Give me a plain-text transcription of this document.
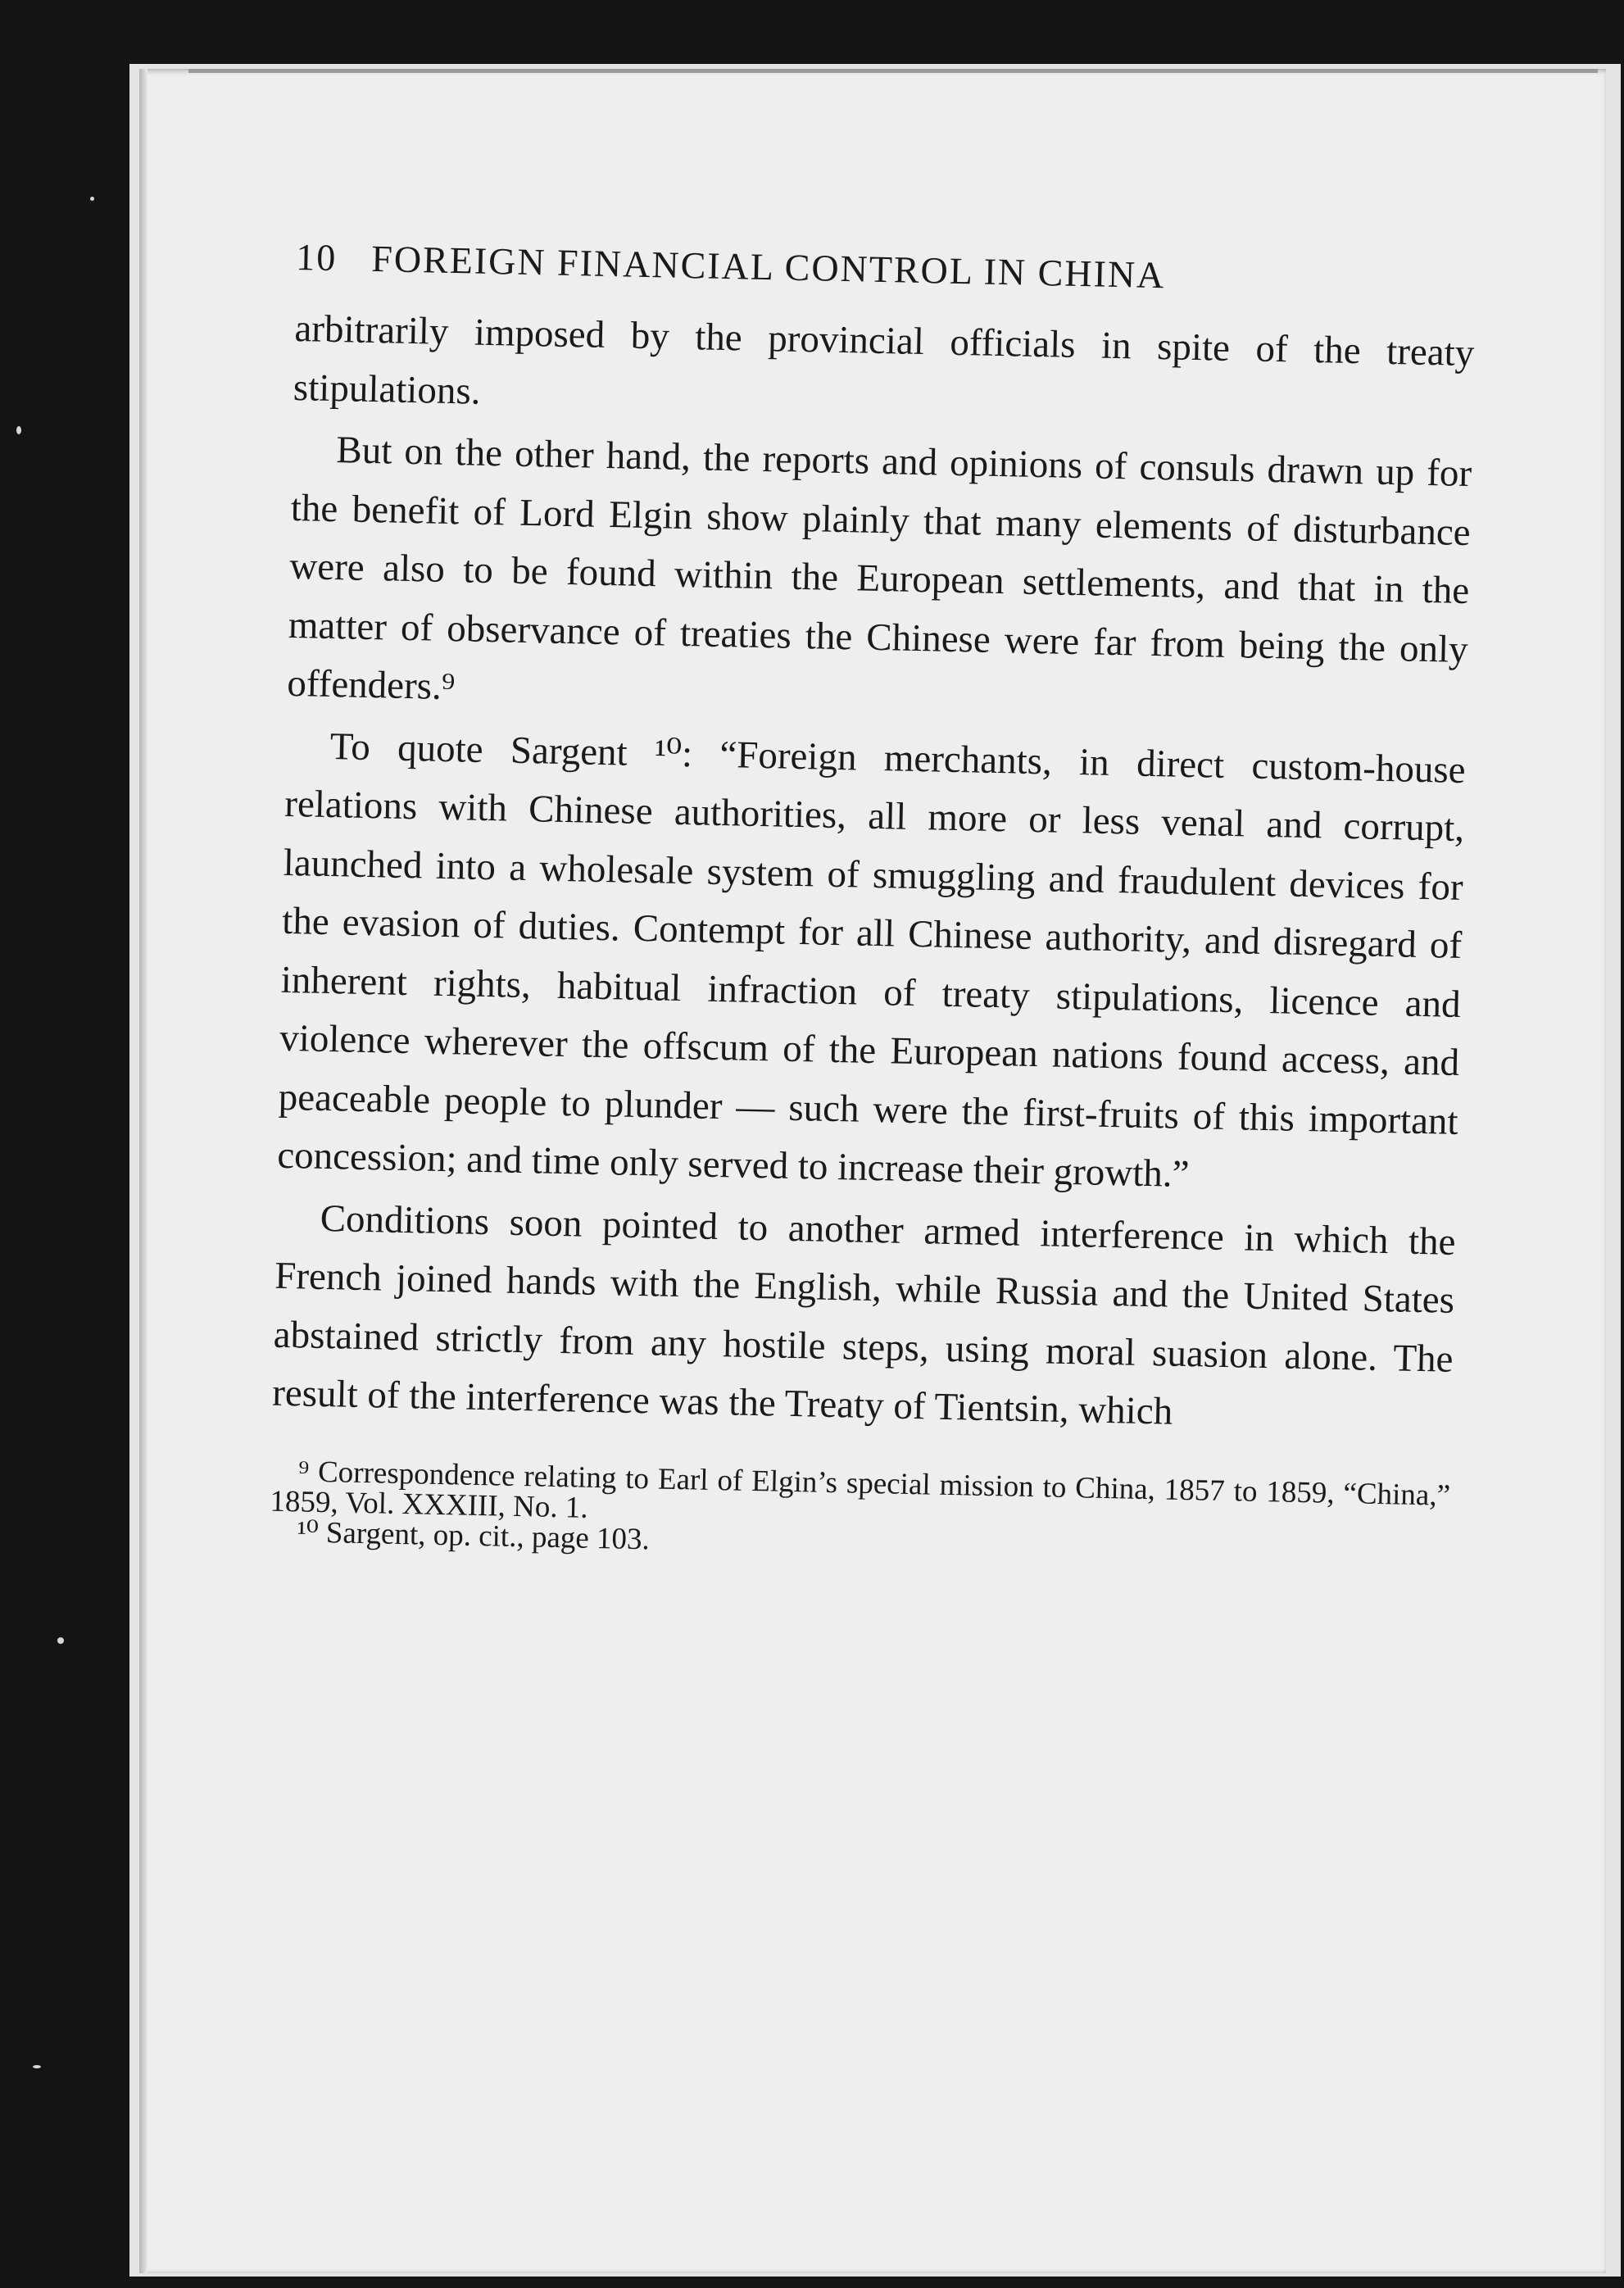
10 FOREIGN FINANCIAL CONTROL IN CHINA

arbitrarily imposed by the provincial officials in spite of the treaty stipulations.

But on the other hand, the reports and opinions of consuls drawn up for the benefit of Lord Elgin show plainly that many elements of disturbance were also to be found within the European settlements, and that in the matter of observance of treaties the Chinese were far from being the only offenders.⁹

To quote Sargent ¹⁰: “Foreign merchants, in direct custom-house relations with Chinese authorities, all more or less venal and corrupt, launched into a wholesale system of smuggling and fraudulent devices for the evasion of duties. Contempt for all Chinese authority, and disregard of inherent rights, habitual infraction of treaty stipulations, licence and violence wherever the offscum of the European nations found access, and peaceable people to plunder — such were the first-fruits of this important concession; and time only served to increase their growth.”

Conditions soon pointed to another armed interference in which the French joined hands with the English, while Russia and the United States abstained strictly from any hostile steps, using moral suasion alone. The result of the interference was the Treaty of Tientsin, which

⁹ Correspondence relating to Earl of Elgin’s special mission to China, 1857 to 1859, “China,” 1859, Vol. XXXIII, No. 1.

¹⁰ Sargent, op. cit., page 103.
